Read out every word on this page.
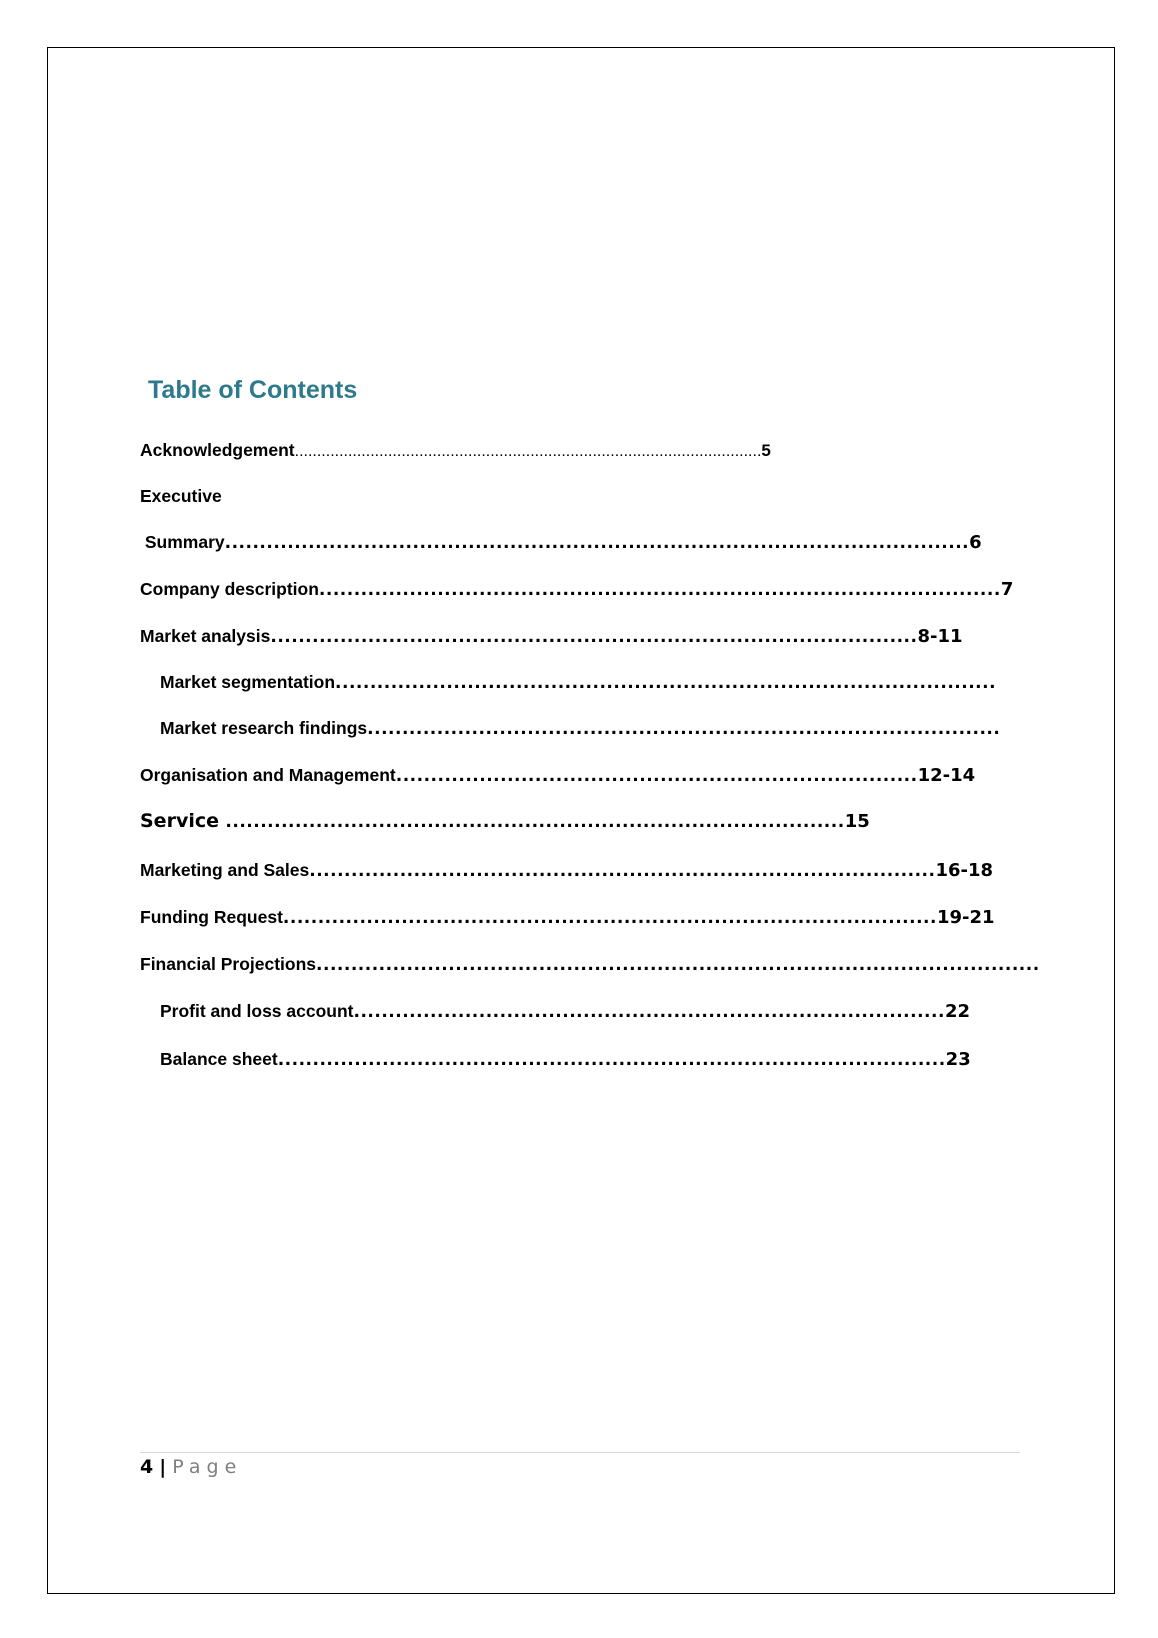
Table of Contents
Acknowledgement.........................................................................................................5
Executive
Summary...........................................................................................................6
Company description..................................................................................................7
Market analysis.............................................................................................8-11
Market segmentation...............................................................................................
Market research findings...........................................................................................
Organisation and Management...........................................................................12-14
Service .........................................................................................15
Marketing and Sales..........................................................................................16-18
Funding Request..............................................................................................19-21
Financial Projections........................................................................................................
Profit and loss account.....................................................................................22
Balance sheet................................................................................................23
4 | Page
